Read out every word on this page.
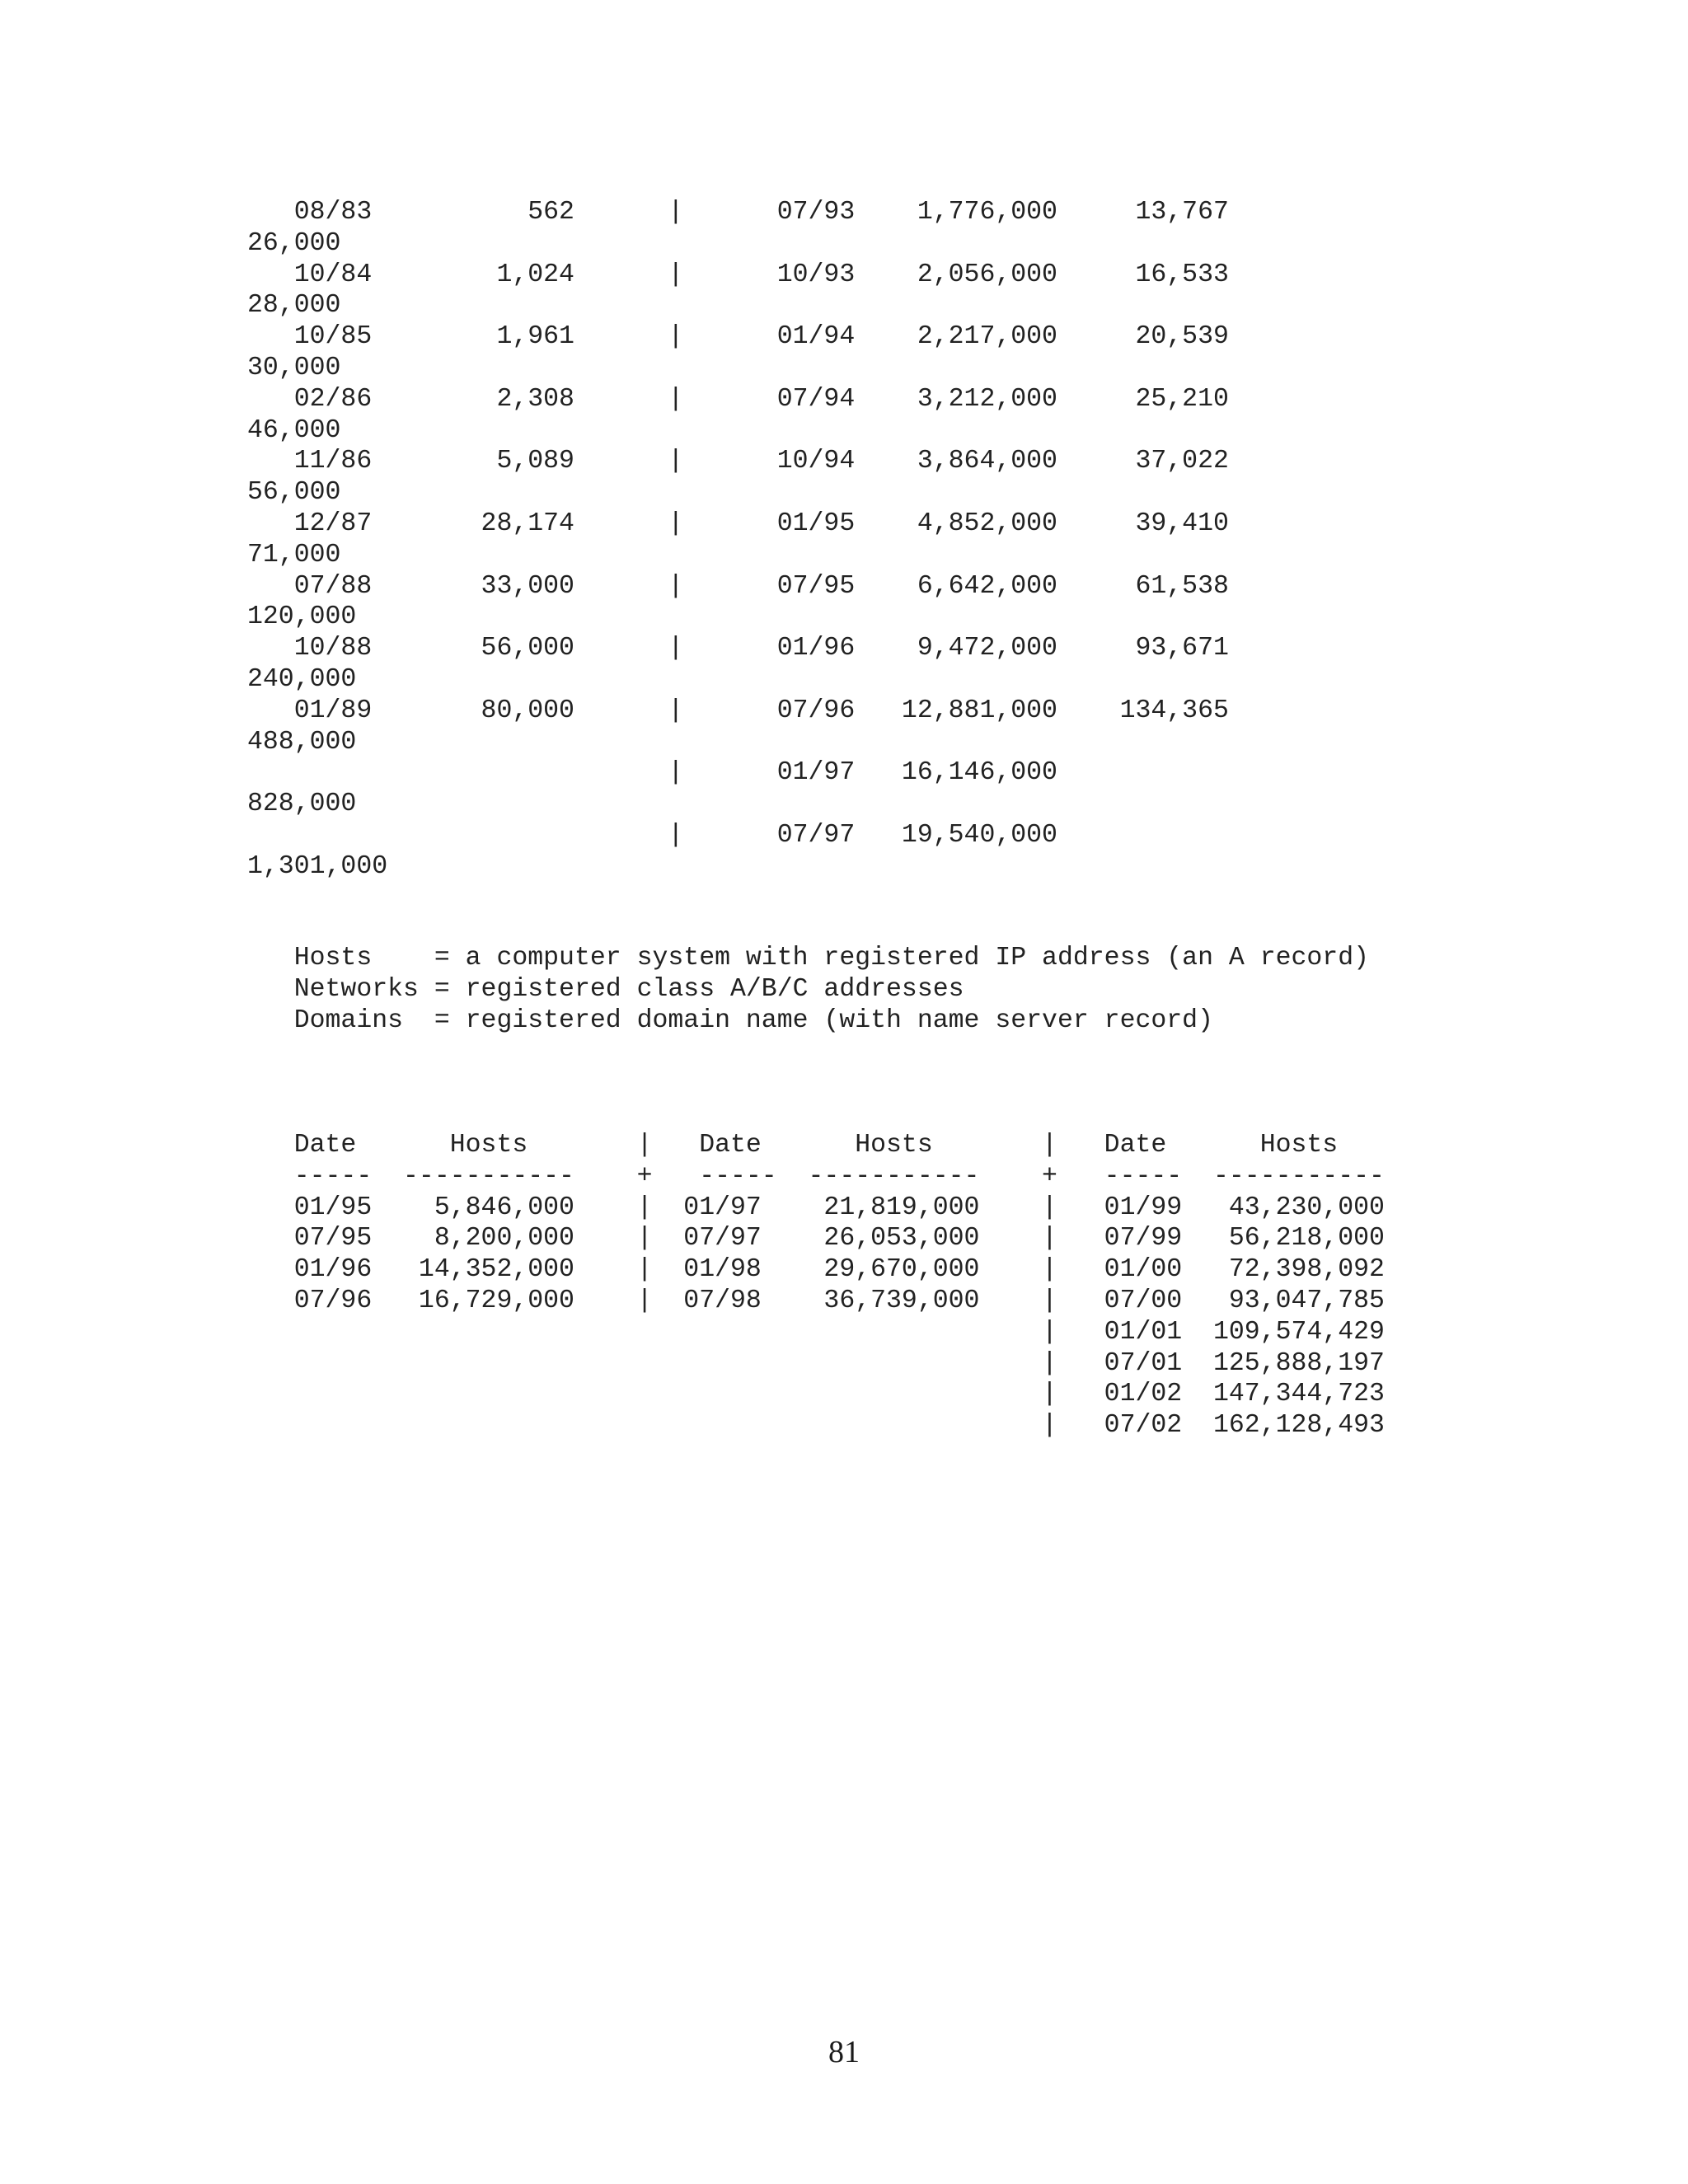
08/83          562      |      07/93    1,776,000     13,767
26,000
10/84        1,024      |      10/93    2,056,000     16,533
28,000
10/85        1,961      |      01/94    2,217,000     20,539
30,000
02/86        2,308      |      07/94    3,212,000     25,210
46,000
11/86        5,089      |      10/94    3,864,000     37,022
56,000
12/87       28,174      |      01/95    4,852,000     39,410
71,000
07/88       33,000      |      07/95    6,642,000     61,538
120,000
10/88       56,000      |      01/96    9,472,000     93,671
240,000
01/89       80,000      |      07/96   12,881,000    134,365
488,000
|      01/97   16,146,000
828,000
|      07/97   19,540,000
1,301,000
Hosts    = a computer system with registered IP address (an A record)
Networks = registered class A/B/C addresses
Domains  = registered domain name (with name server record)
Date      Hosts       |   Date      Hosts       |   Date      Hosts
-----  -----------    +   -----  -----------    +   -----  -----------
01/95    5,846,000    |  01/97    21,819,000    |   01/99   43,230,000
07/95    8,200,000    |  07/97    26,053,000    |   07/99   56,218,000
01/96   14,352,000    |  01/98    29,670,000    |   01/00   72,398,092
07/96   16,729,000    |  07/98    36,739,000    |   07/00   93,047,785
|   01/01  109,574,429
|   07/01  125,888,197
|   01/02  147,344,723
|   07/02  162,128,493
81
